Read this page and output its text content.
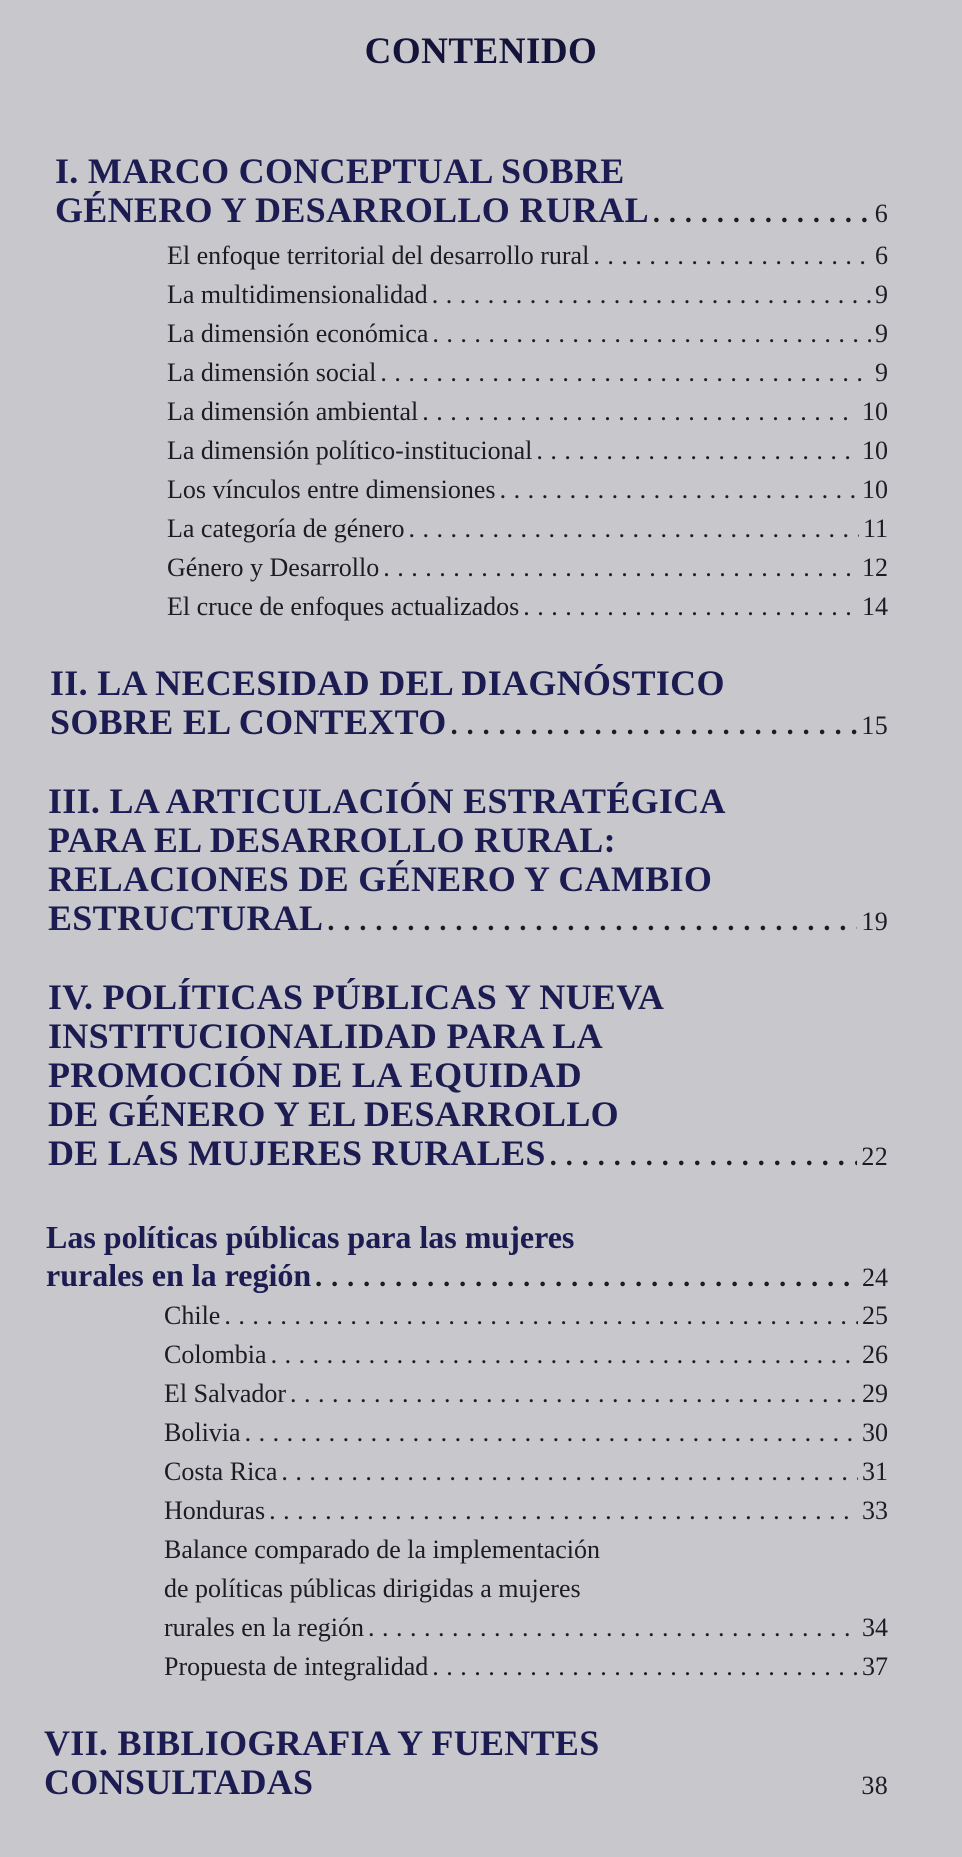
CONTENIDO
I. MARCO CONCEPTUAL SOBRE
GÉNERO Y DESARROLLO RURAL . . .	6
El enfoque territorial del desarrollo rural . . .	6
La multidimensionalidad . . .	9
La dimensión económica . . .	9
La dimensión social . . .	9
La dimensión ambiental . . .	10
La dimensión político-institucional . . .	10
Los vínculos entre dimensiones . . .	10
La categoría de género . . .	11
Género y Desarrollo . . .	12
El cruce de enfoques actualizados . . .	14
II. LA NECESIDAD DEL DIAGNÓSTICO
SOBRE EL CONTEXTO . . .	15
III. LA ARTICULACIÓN ESTRATÉGICA
PARA EL DESARROLLO RURAL:
RELACIONES DE GÉNERO Y CAMBIO
ESTRUCTURAL . . .	19
IV. POLÍTICAS PÚBLICAS Y NUEVA
INSTITUCIONALIDAD PARA LA
PROMOCIÓN DE LA EQUIDAD
DE GÉNERO Y EL DESARROLLO
DE LAS MUJERES RURALES . . .	22
Las políticas públicas para las mujeres
rurales en la región . . .	24
Chile . . .	25
Colombia . . .	26
El Salvador . . .	29
Bolivia . . .	30
Costa Rica . . .	31
Honduras . . .	33
Balance comparado de la implementación
de políticas públicas dirigidas a mujeres
rurales en la región . . .	34
Propuesta de integralidad . . .	37
VII. BIBLIOGRAFIA Y FUENTES
CONSULTADAS	38
